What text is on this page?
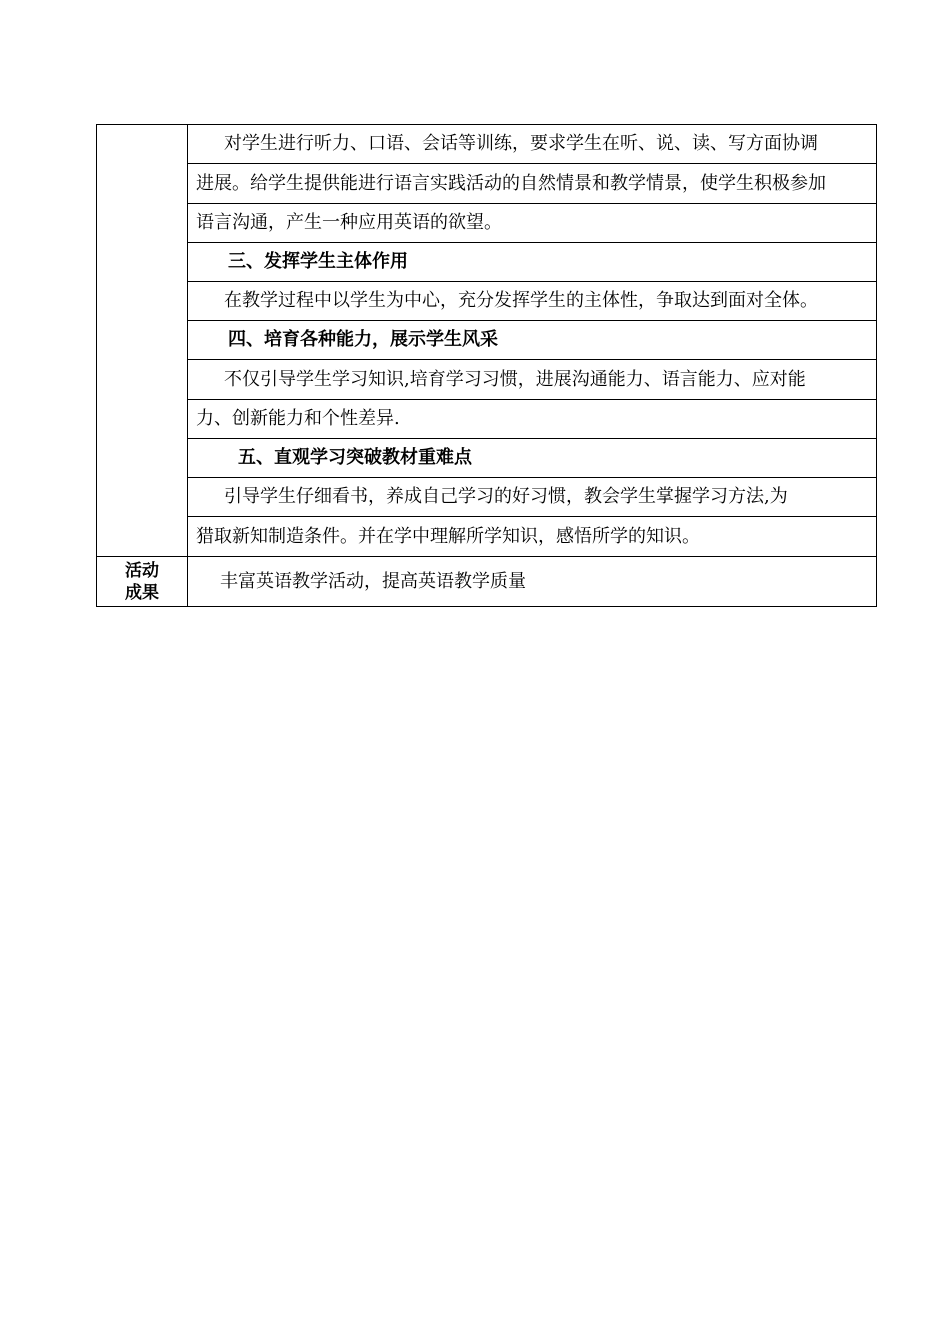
	对学生进行听力、口语、会话等训练，要求学生在听、说、读、写方面协调

	进展。给学生提供能进行语言实践活动的自然情景和教学情景，使学生积极参加

	语言沟通，产生一种应用英语的欲望。

	三、发挥学生主体作用

	在教学过程中以学生为中心，充分发挥学生的主体性，争取达到面对全体。

	四、培育各种能力，展示学生风采

	不仅引导学生学习知识,培育学习习惯，进展沟通能力、语言能力、应对能

	力、创新能力和个性差异.

	五、直观学习突破教材重难点

	引导学生仔细看书，养成自己学习的好习惯，教会学生掌握学习方法,为

	猎取新知制造条件。并在学中理解所学知识，感悟所学的知识。

活动
成果	丰富英语教学活动，提高英语教学质量
